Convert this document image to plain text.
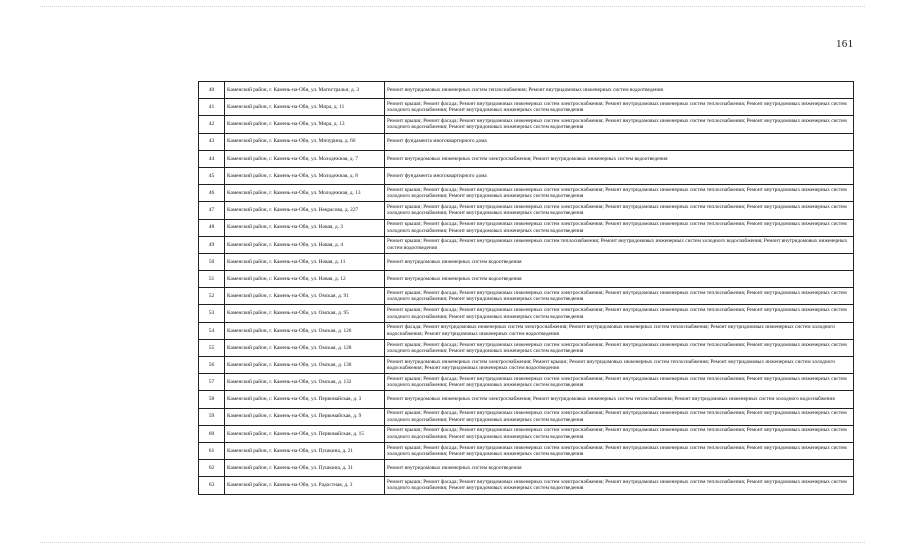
161
40	Каменский район, г. Камень-на-Оби, ул. Магистральн, д. 3	Ремонт внутридомовых инженерных систем теплоснабжения; Ремонт внутридомовых инженерных систем водоотведения
41	Каменский район, г. Камень-на-Оби, ул. Мира, д. 11	Ремонт крыши; Ремонт фасада; Ремонт внутридомовых инженерных систем электроснабжения; Ремонт внутридомовых инженерных систем теплоснабжения; Ремонт внутридомовых инженерных систем холодного водоснабжения; Ремонт внутридомовых инженерных систем водоотведения
42	Каменский район, г. Камень-на-Оби, ул. Мира, д. 13	Ремонт крыши; Ремонт фасада; Ремонт внутридомовых инженерных систем электроснабжения; Ремонт внутридомовых инженерных систем теплоснабжения; Ремонт внутридомовых инженерных систем холодного водоснабжения; Ремонт внутридомовых инженерных систем водоотведения
43	Каменский район, г. Камень-на-Оби, ул. Мичурина, д. 66	Ремонт фундамента многоквартирного дома
44	Каменский район, г. Камень-на-Оби, ул. Молодежная, д. 7	Ремонт внутридомовых инженерных систем электроснабжения; Ремонт внутридомовых инженерных систем водоотведения
45	Каменский район, г. Камень-на-Оби, ул. Молодежная, д. 8	Ремонт фундамента многоквартирного дома
46	Каменский район, г. Камень-на-Оби, ул. Молодежная, д. 13	Ремонт крыши; Ремонт фасада; Ремонт внутридомовых инженерных систем электроснабжения; Ремонт внутридомовых инженерных систем теплоснабжения; Ремонт внутридомовых инженерных систем холодного водоснабжения; Ремонт внутридомовых инженерных систем водоотведения
47	Каменский район, г. Камень-на-Оби, ул. Некрасова, д. 227	Ремонт крыши; Ремонт фасада; Ремонт внутридомовых инженерных систем электроснабжения; Ремонт внутридомовых инженерных систем теплоснабжения; Ремонт внутридомовых инженерных систем холодного водоснабжения; Ремонт внутридомовых инженерных систем водоотведения
48	Каменский район, г. Камень-на-Оби, ул. Новая, д. 3	Ремонт крыши; Ремонт фасада; Ремонт внутридомовых инженерных систем электроснабжения; Ремонт внутридомовых инженерных систем теплоснабжения; Ремонт внутридомовых инженерных систем холодного водоснабжения; Ремонт внутридомовых инженерных систем водоотведения
49	Каменский район, г. Камень-на-Оби, ул. Новая, д. 4	Ремонт крыши; Ремонт фасада; Ремонт внутридомовых инженерных систем теплоснабжения; Ремонт внутридомовых инженерных систем холодного водоснабжения; Ремонт внутридомовых инженерных систем водоотведения
50	Каменский район, г. Камень-на-Оби, ул. Новая, д. 11	Ремонт внутридомовых инженерных систем водоотведения
51	Каменский район, г. Камень-на-Оби, ул. Новая, д. 12	Ремонт внутридомовых инженерных систем водоотведения
52	Каменский район, г. Камень-на-Оби, ул. Омская, д. 91	Ремонт крыши; Ремонт фасада; Ремонт внутридомовых инженерных систем электроснабжения; Ремонт внутридомовых инженерных систем теплоснабжения; Ремонт внутридомовых инженерных систем холодного водоснабжения; Ремонт внутридомовых инженерных систем водоотведения
53	Каменский район, г. Камень-на-Оби, ул. Омская, д. 95	Ремонт крыши; Ремонт фасада; Ремонт внутридомовых инженерных систем электроснабжения; Ремонт внутридомовых инженерных систем теплоснабжения; Ремонт внутридомовых инженерных систем холодного водоснабжения; Ремонт внутридомовых инженерных систем водоотведения
54	Каменский район, г. Камень-на-Оби, ул. Омская, д. 126	Ремонт фасада; Ремонт внутридомовых инженерных систем электроснабжения; Ремонт внутридомовых инженерных систем теплоснабжения; Ремонт внутридомовых инженерных систем холодного водоснабжения; Ремонт внутридомовых инженерных систем водоотведения
55	Каменский район, г. Камень-на-Оби, ул. Омская, д. 128	Ремонт крыши; Ремонт фасада; Ремонт внутридомовых инженерных систем электроснабжения; Ремонт внутридомовых инженерных систем теплоснабжения; Ремонт внутридомовых инженерных систем холодного водоснабжения; Ремонт внутридомовых инженерных систем водоотведения
56	Каменский район, г. Камень-на-Оби, ул. Омская, д. 130	Ремонт внутридомовых инженерных систем электроснабжения; Ремонт крыши; Ремонт внутридомовых инженерных систем теплоснабжения; Ремонт внутридомовых инженерных систем холодного водоснабжения; Ремонт внутридомовых инженерных систем водоотведения
57	Каменский район, г. Камень-на-Оби, ул. Омская, д. 132	Ремонт крыши; Ремонт фасада; Ремонт внутридомовых инженерных систем электроснабжения; Ремонт внутридомовых инженерных систем теплоснабжения; Ремонт внутридомовых инженерных систем холодного водоснабжения; Ремонт внутридомовых инженерных систем водоотведения
58	Каменский район, г. Камень-на-Оби, ул. Первомайская, д. 3	Ремонт внутридомовых инженерных систем электроснабжения; Ремонт внутридомовых инженерных систем теплоснабжения; Ремонт внутридомовых инженерных систем холодного водоснабжения
59	Каменский район, г. Камень-на-Оби, ул. Первомайская, д. 9	Ремонт крыши; Ремонт фасада; Ремонт внутридомовых инженерных систем электроснабжения; Ремонт внутридомовых инженерных систем теплоснабжения; Ремонт внутридомовых инженерных систем холодного водоснабжения; Ремонт внутридомовых инженерных систем водоотведения
60	Каменский район, г. Камень-на-Оби, ул. Первомайская, д. 15	Ремонт крыши; Ремонт фасада; Ремонт внутридомовых инженерных систем электроснабжения; Ремонт внутридомовых инженерных систем теплоснабжения; Ремонт внутридомовых инженерных систем холодного водоснабжения; Ремонт внутридомовых инженерных систем водоотведения
61	Каменский район, г. Камень-на-Оби, ул. Пушкина, д. 21	Ремонт крыши; Ремонт фасада; Ремонт внутридомовых инженерных систем электроснабжения; Ремонт внутридомовых инженерных систем теплоснабжения; Ремонт внутридомовых инженерных систем холодного водоснабжения; Ремонт внутридомовых инженерных систем водоотведения
62	Каменский район, г. Камень-на-Оби, ул. Пушкина, д. 31	Ремонт внутридомовых инженерных систем водоотведения
63	Каменский район, г. Камень-на-Оби, ул. Радостная, д. 3	Ремонт крыши; Ремонт фасада; Ремонт внутридомовых инженерных систем электроснабжения; Ремонт внутридомовых инженерных систем теплоснабжения; Ремонт внутридомовых инженерных систем холодного водоснабжения; Ремонт внутридомовых инженерных систем водоотведения
